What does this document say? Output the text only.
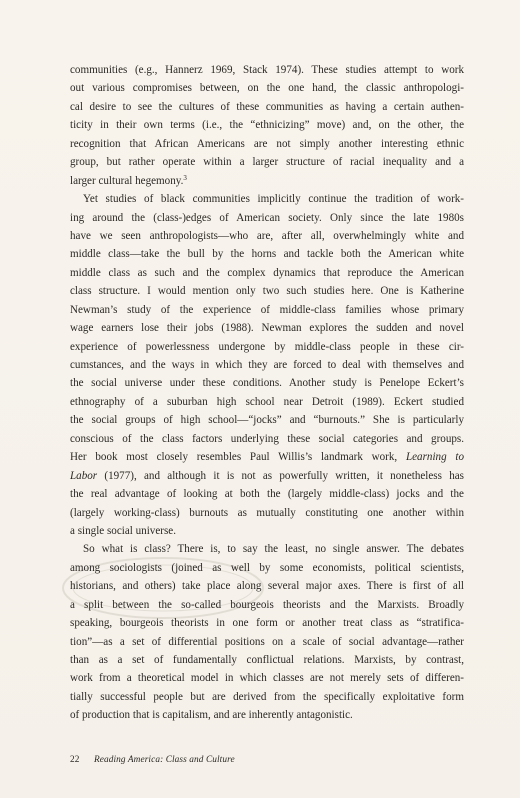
communities (e.g., Hannerz 1969, Stack 1974). These studies attempt to work
out various compromises between, on the one hand, the classic anthropologi-
cal desire to see the cultures of these communities as having a certain authen-
ticity in their own terms (i.e., the “ethnicizing” move) and, on the other, the
recognition that African Americans are not simply another interesting ethnic
group, but rather operate within a larger structure of racial inequality and a
larger cultural hegemony.$^3$

Yet studies of black communities implicitly continue the tradition of work-
ing around the (class-)edges of American society. Only since the late 1980s
have we seen anthropologists—who are, after all, overwhelmingly white and
middle class—take the bull by the horns and tackle both the American white
middle class as such and the complex dynamics that reproduce the American
class structure. I would mention only two such studies here. One is Katherine
Newman’s study of the experience of middle-class families whose primary
wage earners lose their jobs (1988). Newman explores the sudden and novel
experience of powerlessness undergone by middle-class people in these cir-
cumstances, and the ways in which they are forced to deal with themselves and
the social universe under these conditions. Another study is Penelope Eckert’s
ethnography of a suburban high school near Detroit (1989). Eckert studied
the social groups of high school—“jocks” and “burnouts.” She is particularly
conscious of the class factors underlying these social categories and groups.
Her book most closely resembles Paul Willis’s landmark work, Learning to
Labor (1977), and although it is not as powerfully written, it nonetheless has
the real advantage of looking at both the (largely middle-class) jocks and the
(largely working-class) burnouts as mutually constituting one another within
a single social universe.

So what is class? There is, to say the least, no single answer. The debates
among sociologists (joined as well by some economists, political scientists,
historians, and others) take place along several major axes. There is first of all
a split between the so-called bourgeois theorists and the Marxists. Broadly
speaking, bourgeois theorists in one form or another treat class as “stratifica-
tion”—as a set of differential positions on a scale of social advantage—rather
than as a set of fundamentally conflictual relations. Marxists, by contrast,
work from a theoretical model in which classes are not merely sets of differen-
tially successful people but are derived from the specifically exploitative form
of production that is capitalism, and are inherently antagonistic.

22 Reading America: Class and Culture
